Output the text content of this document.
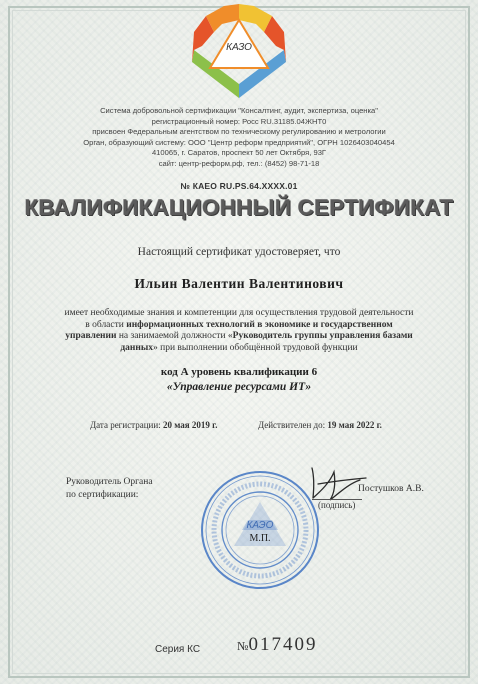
КАЗО
Система добровольной сертификации "Консалтинг, аудит, экспертиза, оценка"
регистрационный номер: Росс RU.31185.04ЖНТ0
присвоен Федеральным агентством по техническому регулированию и метрологии
Орган, образующий систему: ООО "Центр реформ предприятий", ОГРН 1026403040454
410065, г. Саратов, проспект 50 лет Октября, 93Г
сайт: центр-реформ.рф, тел.: (8452) 98-71-18
№ КАЕО RU.PS.64.XXXX.01
КВАЛИФИКАЦИОННЫЙ СЕРТИФИКАТ
Настоящий сертификат удостоверяет, что
Ильин Валентин Валентинович
имеет необходимые знания и компетенции для осуществления трудовой деятельности в области информационных технологий в экономике и государственном управлении на занимаемой должности «Руководитель группы управления базами данных» при выполнении обобщённой трудовой функции
код А уровень квалификации 6
«Управление ресурсами ИТ»
Дата регистрации: 20 мая 2019 г.	Действителен до: 19 мая 2022 г.
Руководитель Органа
по сертификации:
КАЭО
М.П.
Постушков А.В.
(подпись)
Серия КС	№017409
